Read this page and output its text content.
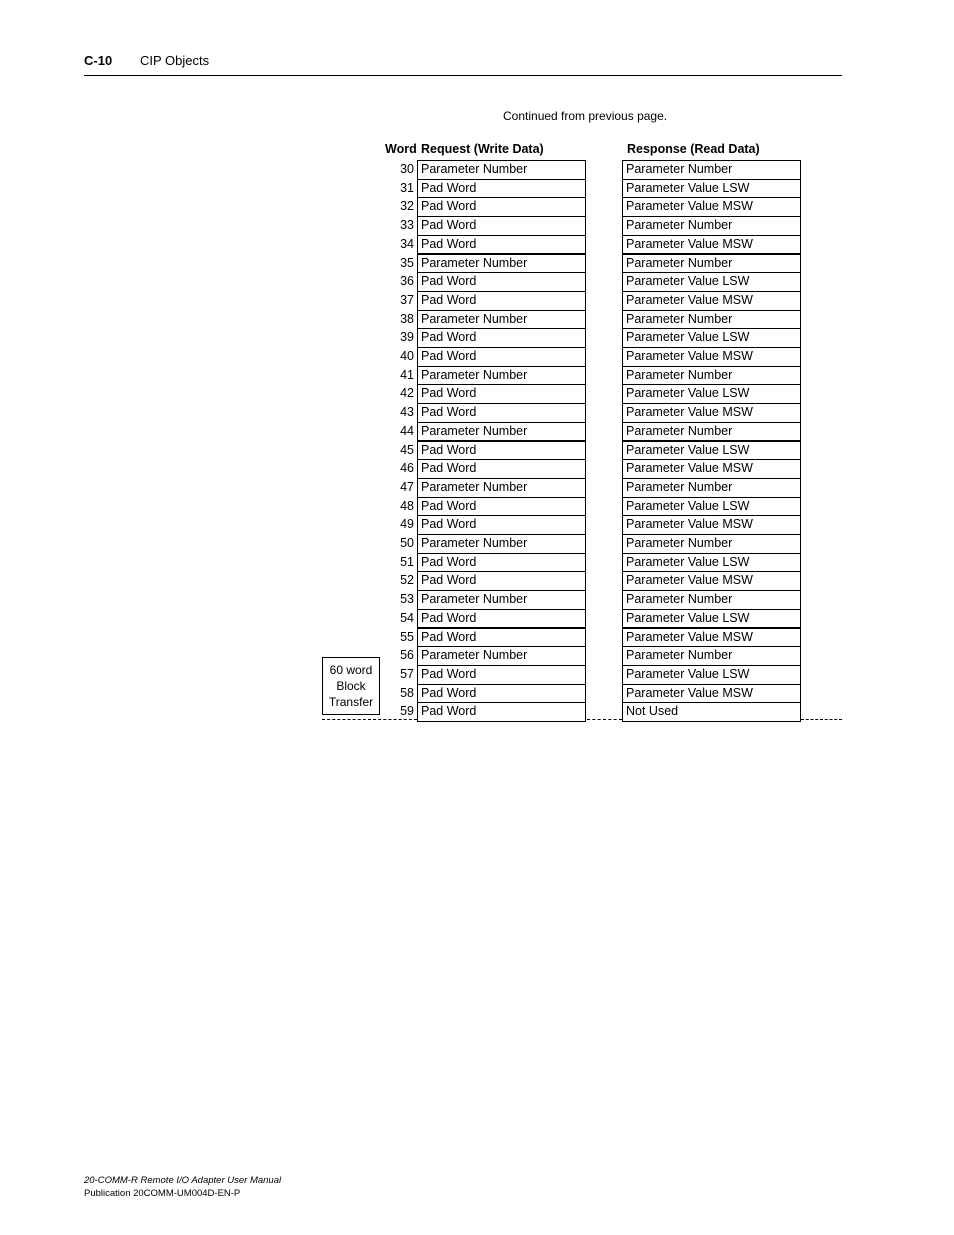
C-10 CIP Objects
Continued from previous page.
Word Request (Write Data)	Response (Read Data)
30 Parameter Number	Parameter Number
31 Pad Word	Parameter Value LSW
32 Pad Word	Parameter Value MSW
33 Pad Word	Parameter Number
34 Pad Word	Parameter Value MSW
35 Parameter Number	Parameter Number
36 Pad Word	Parameter Value LSW
37 Pad Word	Parameter Value MSW
38 Parameter Number	Parameter Number
39 Pad Word	Parameter Value LSW
40 Pad Word	Parameter Value MSW
41 Parameter Number	Parameter Number
42 Pad Word	Parameter Value LSW
43 Pad Word	Parameter Value MSW
44 Parameter Number	Parameter Number
45 Pad Word	Parameter Value LSW
46 Pad Word	Parameter Value MSW
47 Parameter Number	Parameter Number
48 Pad Word	Parameter Value LSW
49 Pad Word	Parameter Value MSW
50 Parameter Number	Parameter Number
51 Pad Word	Parameter Value LSW
52 Pad Word	Parameter Value MSW
53 Parameter Number	Parameter Number
54 Pad Word	Parameter Value LSW
55 Pad Word	Parameter Value MSW
56 Parameter Number	Parameter Number
57 Pad Word	Parameter Value LSW
58 Pad Word	Parameter Value MSW
59 Pad Word	Not Used
60 word
Block
Transfer
20-COMM-R Remote I/O Adapter User Manual
Publication 20COMM-UM004D-EN-P
